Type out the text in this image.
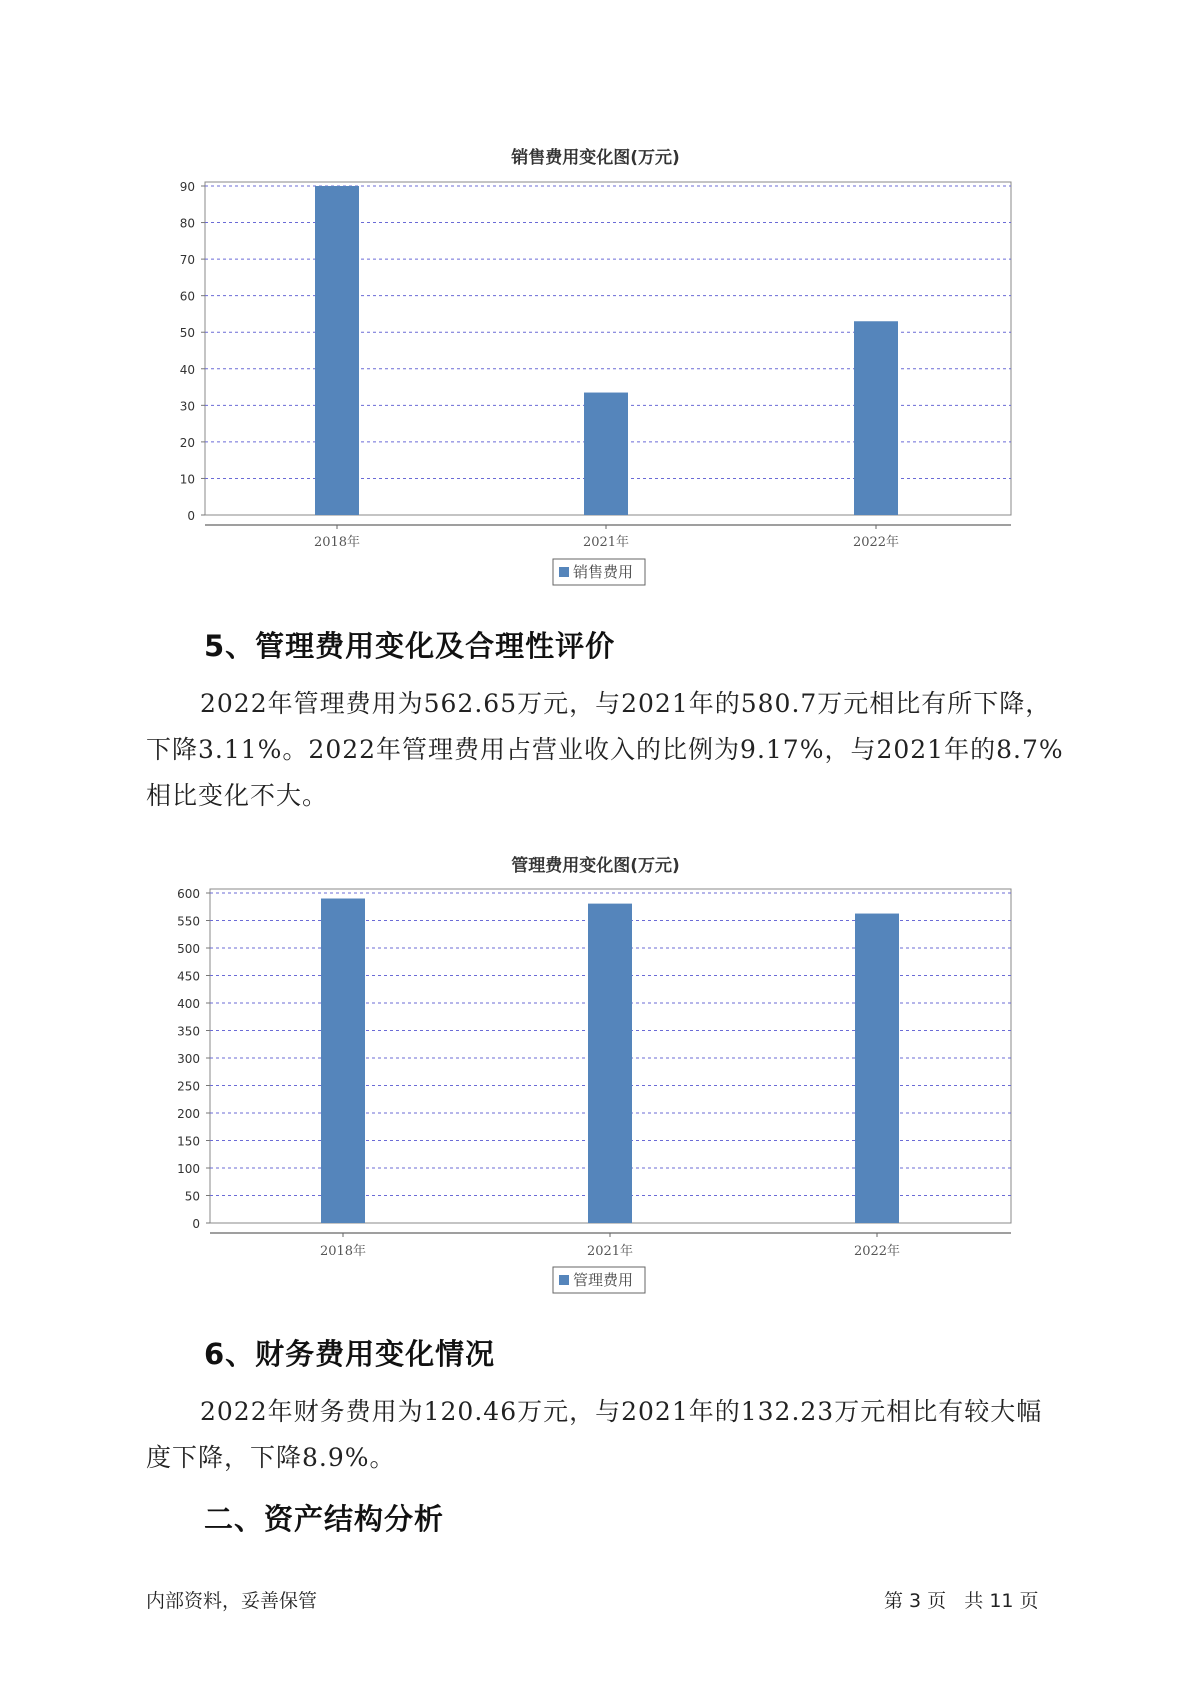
销售费用变化图(万元)
0
10
20
30
40
50
60
70
80
90
2018年	2021年	2022年
销售费用
5、管理费用变化及合理性评价
2022年管理费用为562.65万元，与2021年的580.7万元相比有所下降，
下降3.11%。2022年管理费用占营业收入的比例为9.17%，与2021年的8.7%
相比变化不大。
管理费用变化图(万元)
0
50
100
150
200
250
300
350
400
450
500
550
600
2018年	2021年	2022年
管理费用
6、财务费用变化情况
2022年财务费用为120.46万元，与2021年的132.23万元相比有较大幅
度下降，下降8.9%。
二、资产结构分析
内部资料，妥善保管	第 3 页   共 11 页
